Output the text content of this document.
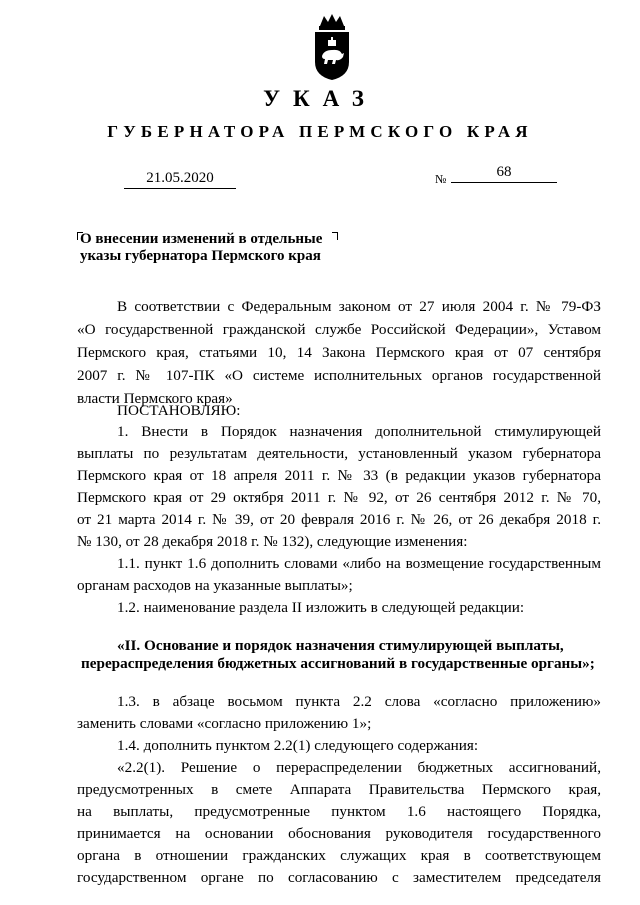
УКАЗ
ГУБЕРНАТОРА ПЕРМСКОГО КРАЯ
21.05.2020	№	68
О внесении изменений в отдельные
указы губернатора Пермского края
В соответствии с Федеральным законом от 27 июля 2004 г. № 79-ФЗ
«О государственной гражданской службе Российской Федерации», Уставом
Пермского края, статьями 10, 14 Закона Пермского края от 07 сентября
2007 г. № 107-ПК «О системе исполнительных органов государственной
власти Пермского края»
ПОСТАНОВЛЯЮ:
1. Внести в Порядок назначения дополнительной стимулирующей
выплаты по результатам деятельности, установленный указом губернатора
Пермского края от 18 апреля 2011 г. № 33 (в редакции указов губернатора
Пермского края от 29 октября 2011 г. № 92, от 26 сентября 2012 г. № 70,
от 21 марта 2014 г. № 39, от 20 февраля 2016 г. № 26, от 26 декабря 2018 г.
№ 130, от 28 декабря 2018 г. № 132), следующие изменения:
1.1. пункт 1.6 дополнить словами «либо на возмещение государственным
органам расходов на указанные выплаты»;
1.2. наименование раздела II изложить в следующей редакции:
«II. Основание и порядок назначения стимулирующей выплаты,
перераспределения бюджетных ассигнований в государственные органы»;
1.3. в абзаце восьмом пункта 2.2 слова «согласно приложению»
заменить словами «согласно приложению 1»;
1.4. дополнить пунктом 2.2(1) следующего содержания:
«2.2(1). Решение о перераспределении бюджетных ассигнований,
предусмотренных в смете Аппарата Правительства Пермского края,
на выплаты, предусмотренные пунктом 1.6 настоящего Порядка,
принимается на основании обоснования руководителя государственного
органа в отношении гражданских служащих края в соответствующем
государственном органе по согласованию с заместителем председателя
